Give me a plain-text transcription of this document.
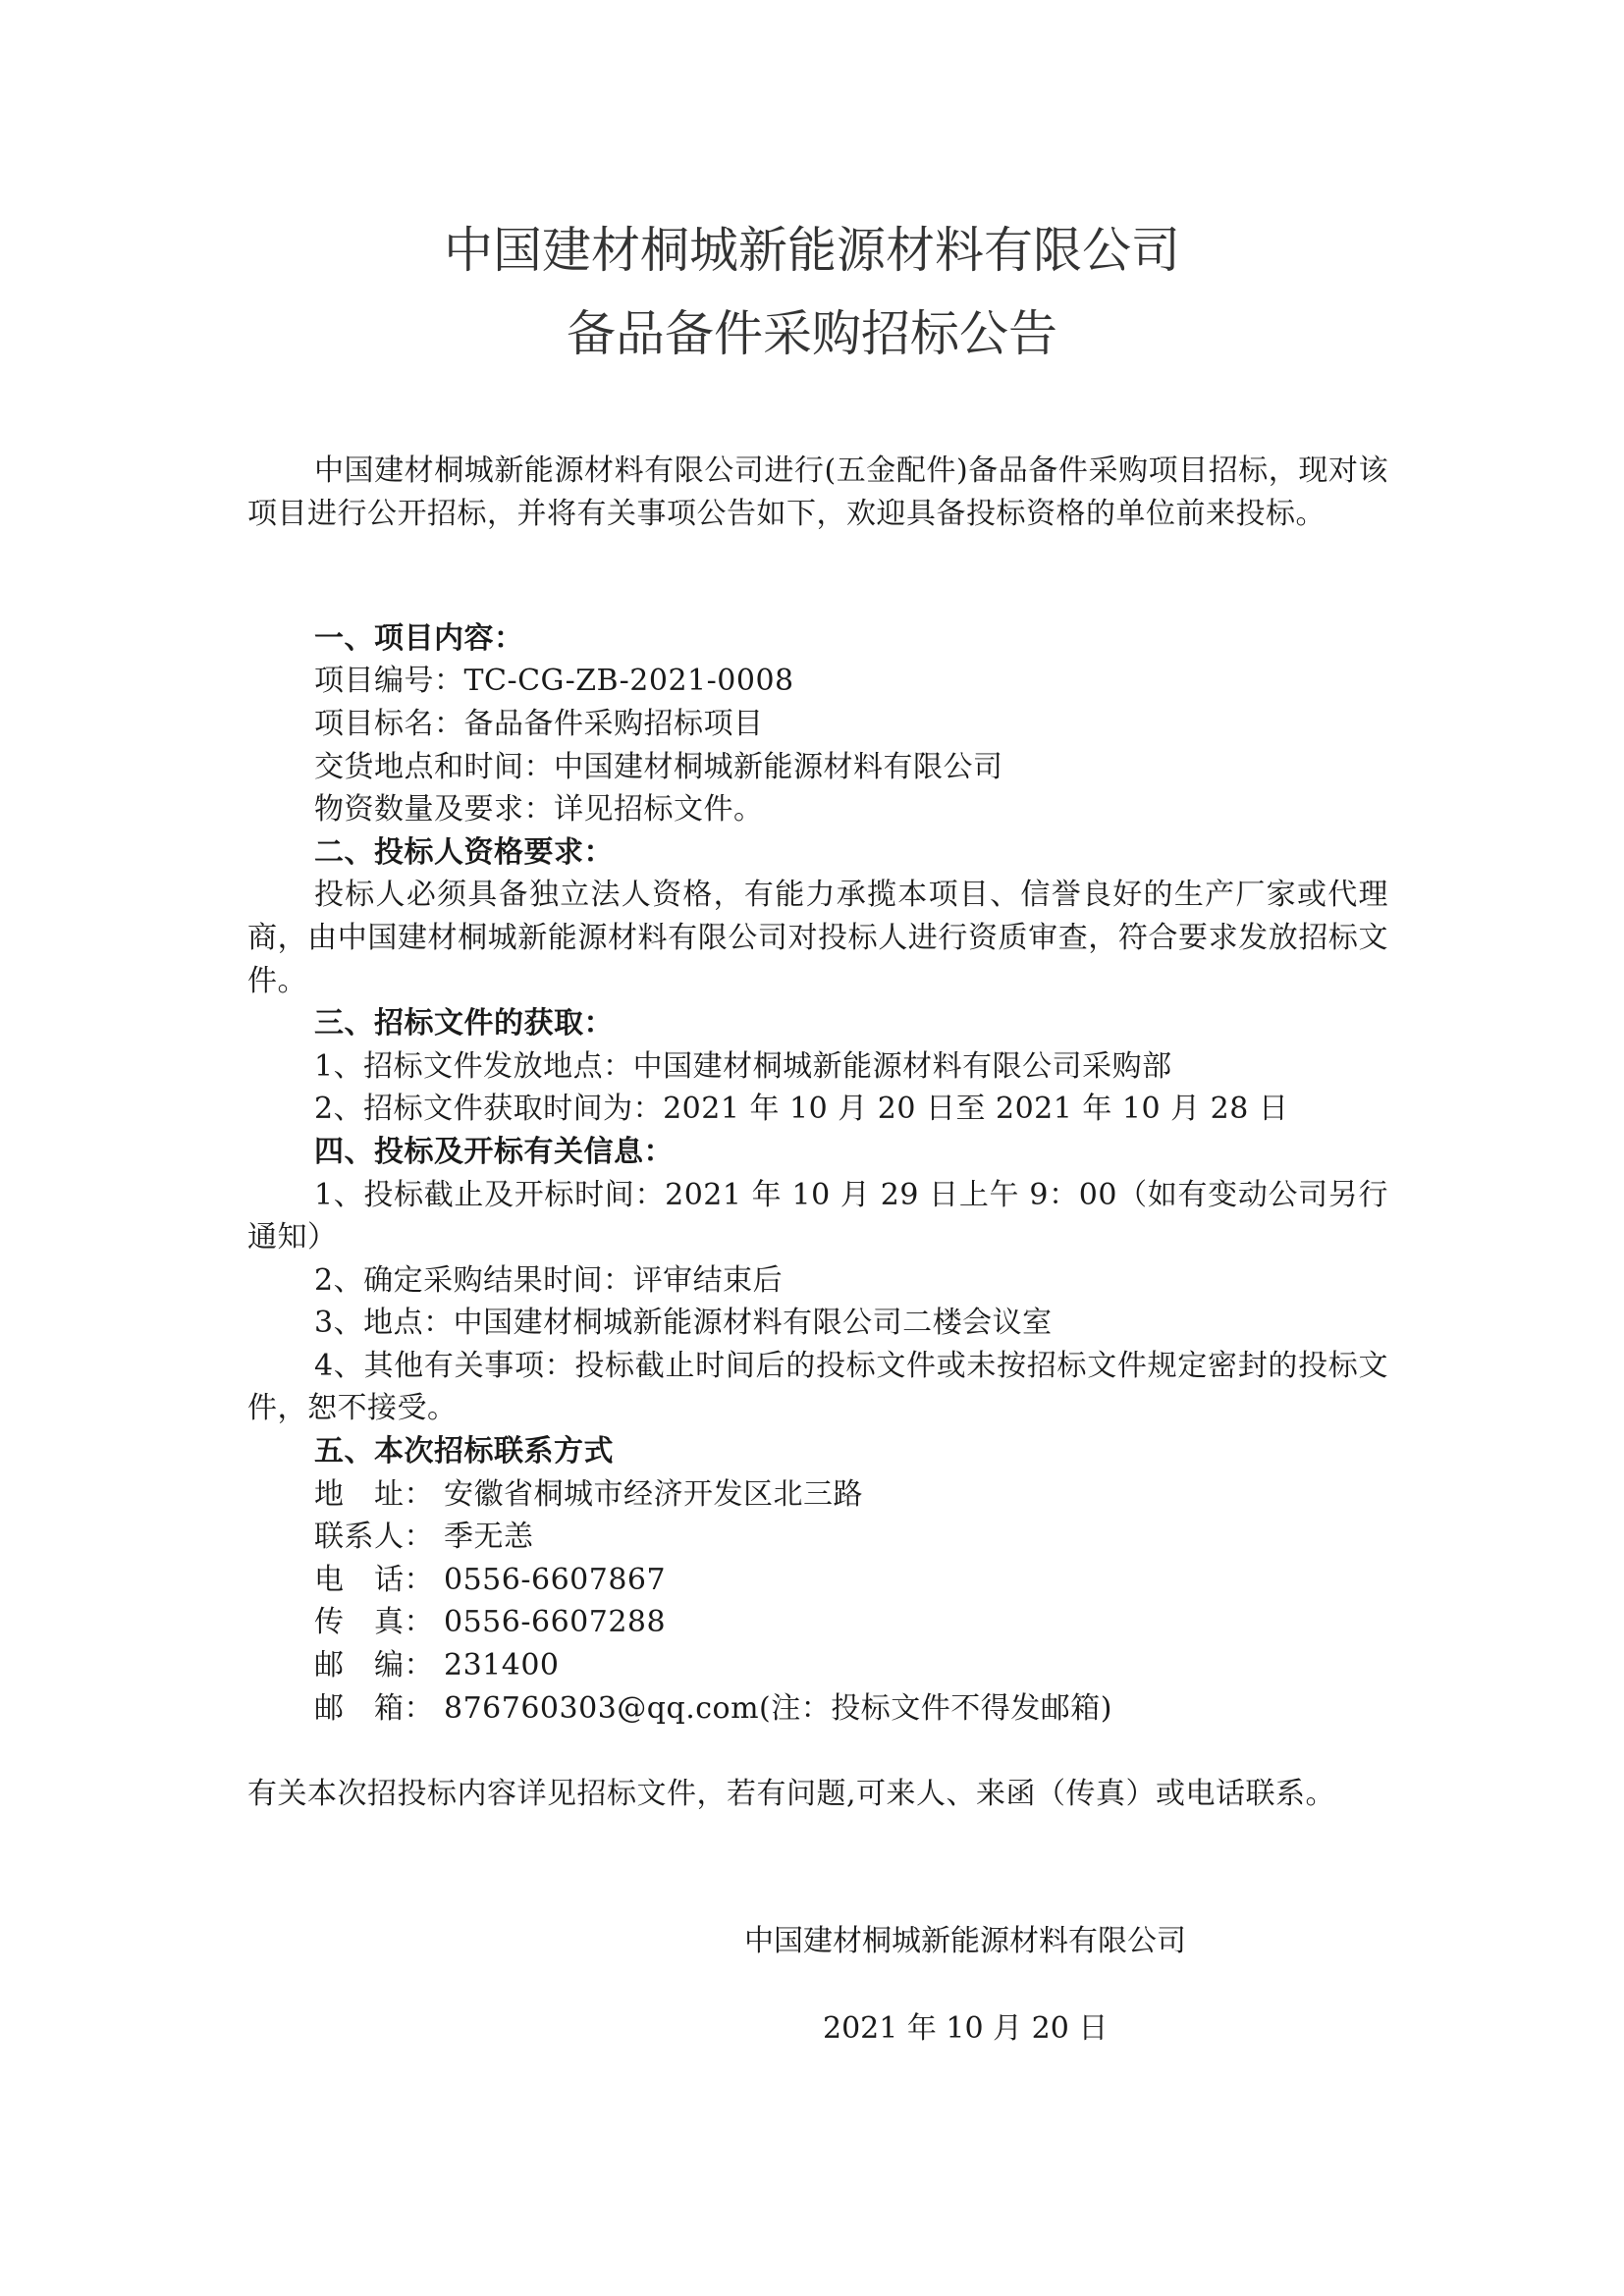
中国建材桐城新能源材料有限公司
备品备件采购招标公告

中国建材桐城新能源材料有限公司进行(五金配件)备品备件采购项目招标，现对该项目进行公开招标，并将有关事项公告如下，欢迎具备投标资格的单位前来投标。

一、项目内容：

项目编号：TC-CG-ZB-2021-0008

项目标名：备品备件采购招标项目

交货地点和时间：中国建材桐城新能源材料有限公司

物资数量及要求：详见招标文件。

二、投标人资格要求：

投标人必须具备独立法人资格，有能力承揽本项目、信誉良好的生产厂家或代理商，由中国建材桐城新能源材料有限公司对投标人进行资质审查，符合要求发放招标文件。

三、招标文件的获取：

1、招标文件发放地点：中国建材桐城新能源材料有限公司采购部

2、招标文件获取时间为：2021 年 10 月 20 日至 2021 年 10 月 28 日

四、投标及开标有关信息：

1、投标截止及开标时间：2021 年 10 月 29 日上午 9：00（如有变动公司另行通知）

2、确定采购结果时间：评审结束后

3、地点：中国建材桐城新能源材料有限公司二楼会议室

4、其他有关事项：投标截止时间后的投标文件或未按招标文件规定密封的投标文件，恕不接受。

五、本次招标联系方式

地　址： 安徽省桐城市经济开发区北三路

联系人： 季无恙

电　话： 0556-6607867

传　真： 0556-6607288

邮　编： 231400

邮　箱： 876760303@qq.com(注：投标文件不得发邮箱)

有关本次招投标内容详见招标文件，若有问题,可来人、来函（传真）或电话联系。

中国建材桐城新能源材料有限公司
2021 年 10 月 20 日
